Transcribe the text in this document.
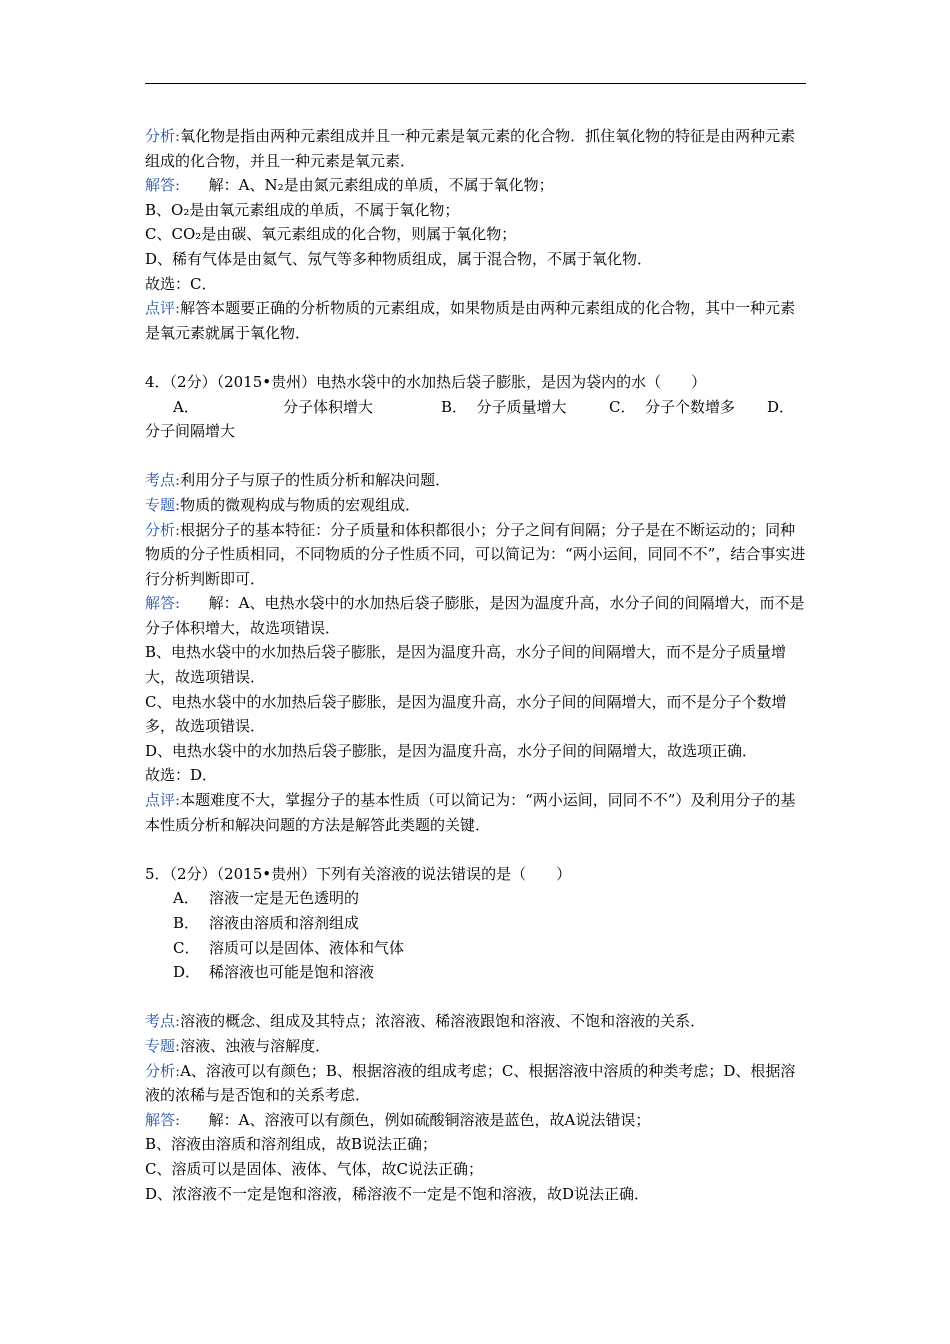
分析:氧化物是指由两种元素组成并且一种元素是氧元素的化合物．抓住氧化物的特征是由两种元素组成的化合物，并且一种元素是氧元素．

解答:      解：A、N₂是由氮元素组成的单质，不属于氧化物；

B、O₂是由氧元素组成的单质，不属于氧化物；

C、CO₂是由碳、氧元素组成的化合物，则属于氧化物；

D、稀有气体是由氦气、氖气等多种物质组成，属于混合物，不属于氧化物．

故选：C．

点评:解答本题要正确的分析物质的元素组成，如果物质是由两种元素组成的化合物，其中一种元素是氧元素就属于氧化物．

4．（2分）（2015•贵州）电热水袋中的水加热后袋子膨胀，是因为袋内的水（　　）

A．	分子体积增大	B．  分子质量增大	C．  分子个数增多 D．

分子间隔增大

考点:利用分子与原子的性质分析和解决问题．

专题:物质的微观构成与物质的宏观组成．

分析:根据分子的基本特征：分子质量和体积都很小；分子之间有间隔；分子是在不断运动的；同种物质的分子性质相同，不同物质的分子性质不同，可以简记为：“两小运间，同同不不”，结合事实进行分析判断即可．

解答:      解：A、电热水袋中的水加热后袋子膨胀，是因为温度升高，水分子间的间隔增大，而不是分子体积增大，故选项错误．

B、电热水袋中的水加热后袋子膨胀，是因为温度升高，水分子间的间隔增大，而不是分子质量增大，故选项错误．

C、电热水袋中的水加热后袋子膨胀，是因为温度升高，水分子间的间隔增大，而不是分子个数增多，故选项错误．

D、电热水袋中的水加热后袋子膨胀，是因为温度升高，水分子间的间隔增大，故选项正确．

故选：D．

点评:本题难度不大，掌握分子的基本性质（可以简记为：“两小运间，同同不不”）及利用分子的基本性质分析和解决问题的方法是解答此类题的关键．

5．（2分）（2015•贵州）下列有关溶液的说法错误的是（　　）

A． 溶液一定是无色透明的

B． 溶液由溶质和溶剂组成

C． 溶质可以是固体、液体和气体

D． 稀溶液也可能是饱和溶液

考点:溶液的概念、组成及其特点；浓溶液、稀溶液跟饱和溶液、不饱和溶液的关系．

专题:溶液、浊液与溶解度．

分析:A、溶液可以有颜色；B、根据溶液的组成考虑；C、根据溶液中溶质的种类考虑；D、根据溶液的浓稀与是否饱和的关系考虑．

解答:      解：A、溶液可以有颜色，例如硫酸铜溶液是蓝色，故A说法错误；

B、溶液由溶质和溶剂组成，故B说法正确；

C、溶质可以是固体、液体、气体，故C说法正确；

D、浓溶液不一定是饱和溶液，稀溶液不一定是不饱和溶液，故D说法正确．
